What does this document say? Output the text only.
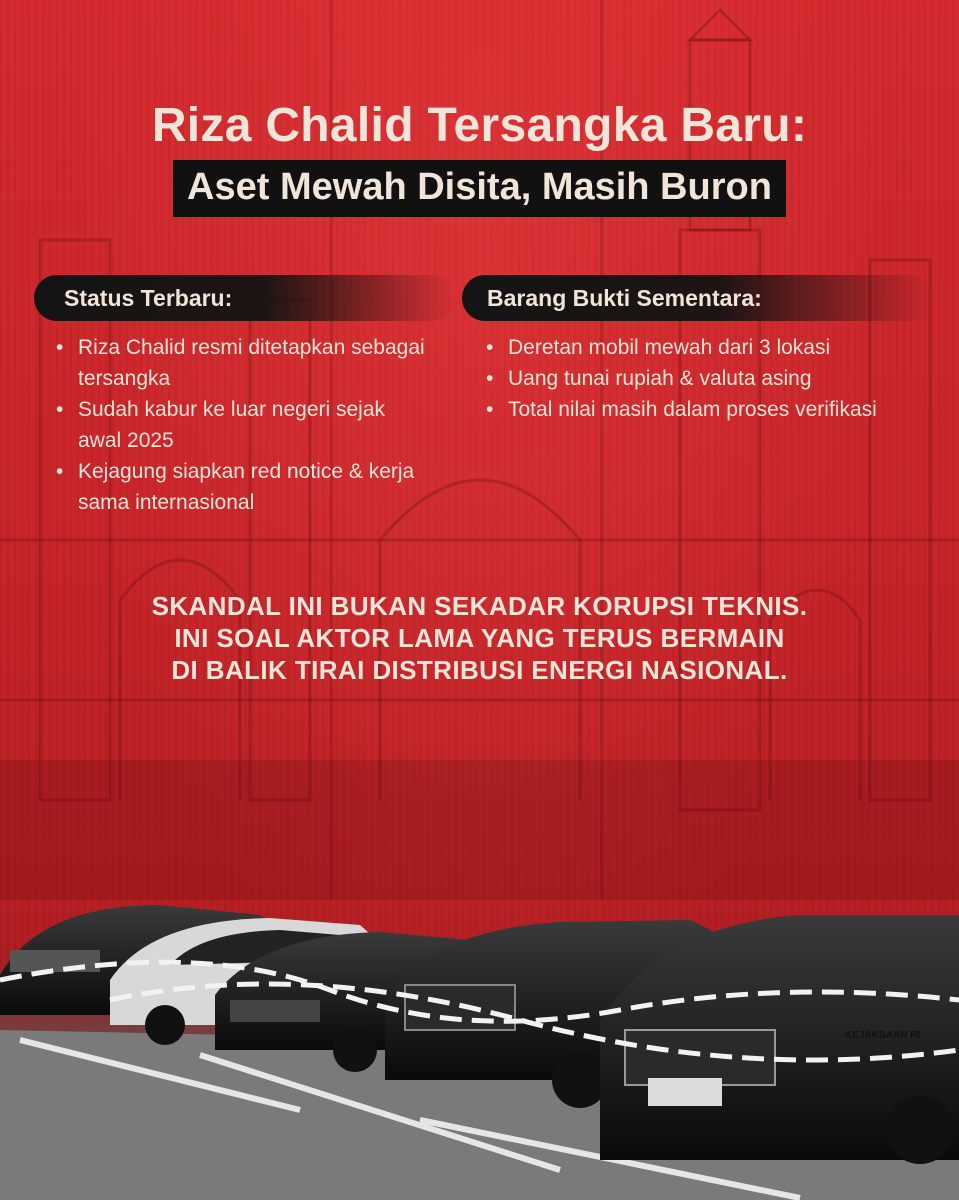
Riza Chalid Tersangka Baru:
Aset Mewah Disita, Masih Buron
Status Terbaru:	Barang Bukti Sementara:
• Riza Chalid resmi ditetapkan sebagai tersangka
• Sudah kabur ke luar negeri sejak awal 2025
• Kejagung siapkan red notice & kerja sama internasional
• Deretan mobil mewah dari 3 lokasi
• Uang tunai rupiah & valuta asing
• Total nilai masih dalam proses verifikasi
SKANDAL INI BUKAN SEKADAR KORUPSI TEKNIS.
INI SOAL AKTOR LAMA YANG TERUS BERMAIN
DI BALIK TIRAI DISTRIBUSI ENERGI NASIONAL.
KEJAKSAAN RI
